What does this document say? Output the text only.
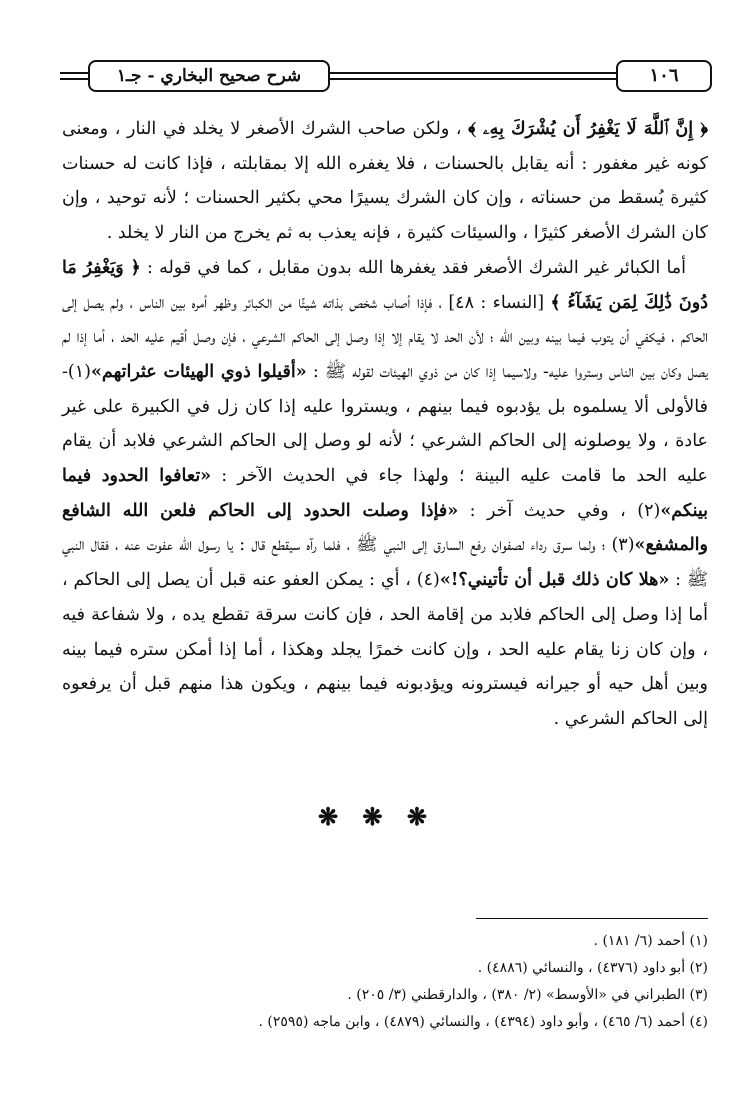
شرح صحيح البخاري - جـ١	١٠٦

﴿ إِنَّ ٱللَّهَ لَا يَغْفِرُ أَن يُشْرَكَ بِهِۦ ﴾ ، ولكن صاحب الشرك الأصغر لا يخلد في النار ، ومعنى كونه غير مغفور : أنه يقابل بالحسنات ، فلا يغفره الله إلا بمقابلته ، فإذا كانت له حسنات كثيرة يُسقط من حسناته ، وإن كان الشرك يسيرًا محي بكثير الحسنات ؛ لأنه توحيد ، وإن كان الشرك الأصغر كثيرًا ، والسيئات كثيرة ، فإنه يعذب به ثم يخرج من النار لا يخلد .

أما الكبائر غير الشرك الأصغر فقد يغفرها الله بدون مقابل ، كما في قوله : ﴿ وَيَغْفِرُ مَا دُونَ ذَٰلِكَ لِمَن يَشَآءُ ﴾ [النساء : ٤٨] ، فإذا أصاب شخص بذاته شيئًا من الكبائر وظهر أمره بين الناس ، ولم يصل إلى الحاكم ، فيكفي أن يتوب فيما بينه وبين الله ؛ لأن الحد لا يقام إلا إذا وصل إلى الحاكم الشرعي ، فإن وصل أقيم عليه الحد ، أما إذا لم يصل وكان بين الناس وستروا عليه- ولاسيما إذا كان من ذوي الهيئات لقوله ﷺ : «أقيلوا ذوي الهيئات عثراتهم»(١)- فالأولى ألا يسلموه بل يؤدبوه فيما بينهم ، ويستروا عليه إذا كان زل في الكبيرة على غير عادة ، ولا يوصلونه إلى الحاكم الشرعي ؛ لأنه لو وصل إلى الحاكم الشرعي فلابد أن يقام عليه الحد ما قامت عليه البينة ؛ ولهذا جاء في الحديث الآخر : «تعافوا الحدود فيما بينكم»(٢) ، وفي حديث آخر : «فإذا وصلت الحدود إلى الحاكم فلعن الله الشافع والمشفع»(٣) ؛ ولما سرق رداء لصفوان رفع السارق إلى النبي ﷺ ، فلما رآه سيقطع قال : يا رسول الله عفوت عنه ، فقال النبي ﷺ : «هلا كان ذلك قبل أن تأتيني؟!»(٤) ، أي : يمكن العفو عنه قبل أن يصل إلى الحاكم ، أما إذا وصل إلى الحاكم فلابد من إقامة الحد ، فإن كانت سرقة تقطع يده ، ولا شفاعة فيه ، وإن كان زنا يقام عليه الحد ، وإن كانت خمرًا يجلد وهكذا ، أما إذا أمكن ستره فيما بينه وبين أهل حيه أو جيرانه فيسترونه ويؤدبونه فيما بينهم ، ويكون هذا منهم قبل أن يرفعوه إلى الحاكم الشرعي .

❋ ❋ ❋
(١) أحمد (٦/ ١٨١) .
(٢) أبو داود (٤٣٧٦) ، والنسائي (٤٨٨٦) .
(٣) الطبراني في «الأوسط» (٢/ ٣٨٠) ، والدارقطني (٣/ ٢٠٥) .
(٤) أحمد (٦/ ٤٦٥) ، وأبو داود (٤٣٩٤) ، والنسائي (٤٨٧٩) ، وابن ماجه (٢٥٩٥) .
